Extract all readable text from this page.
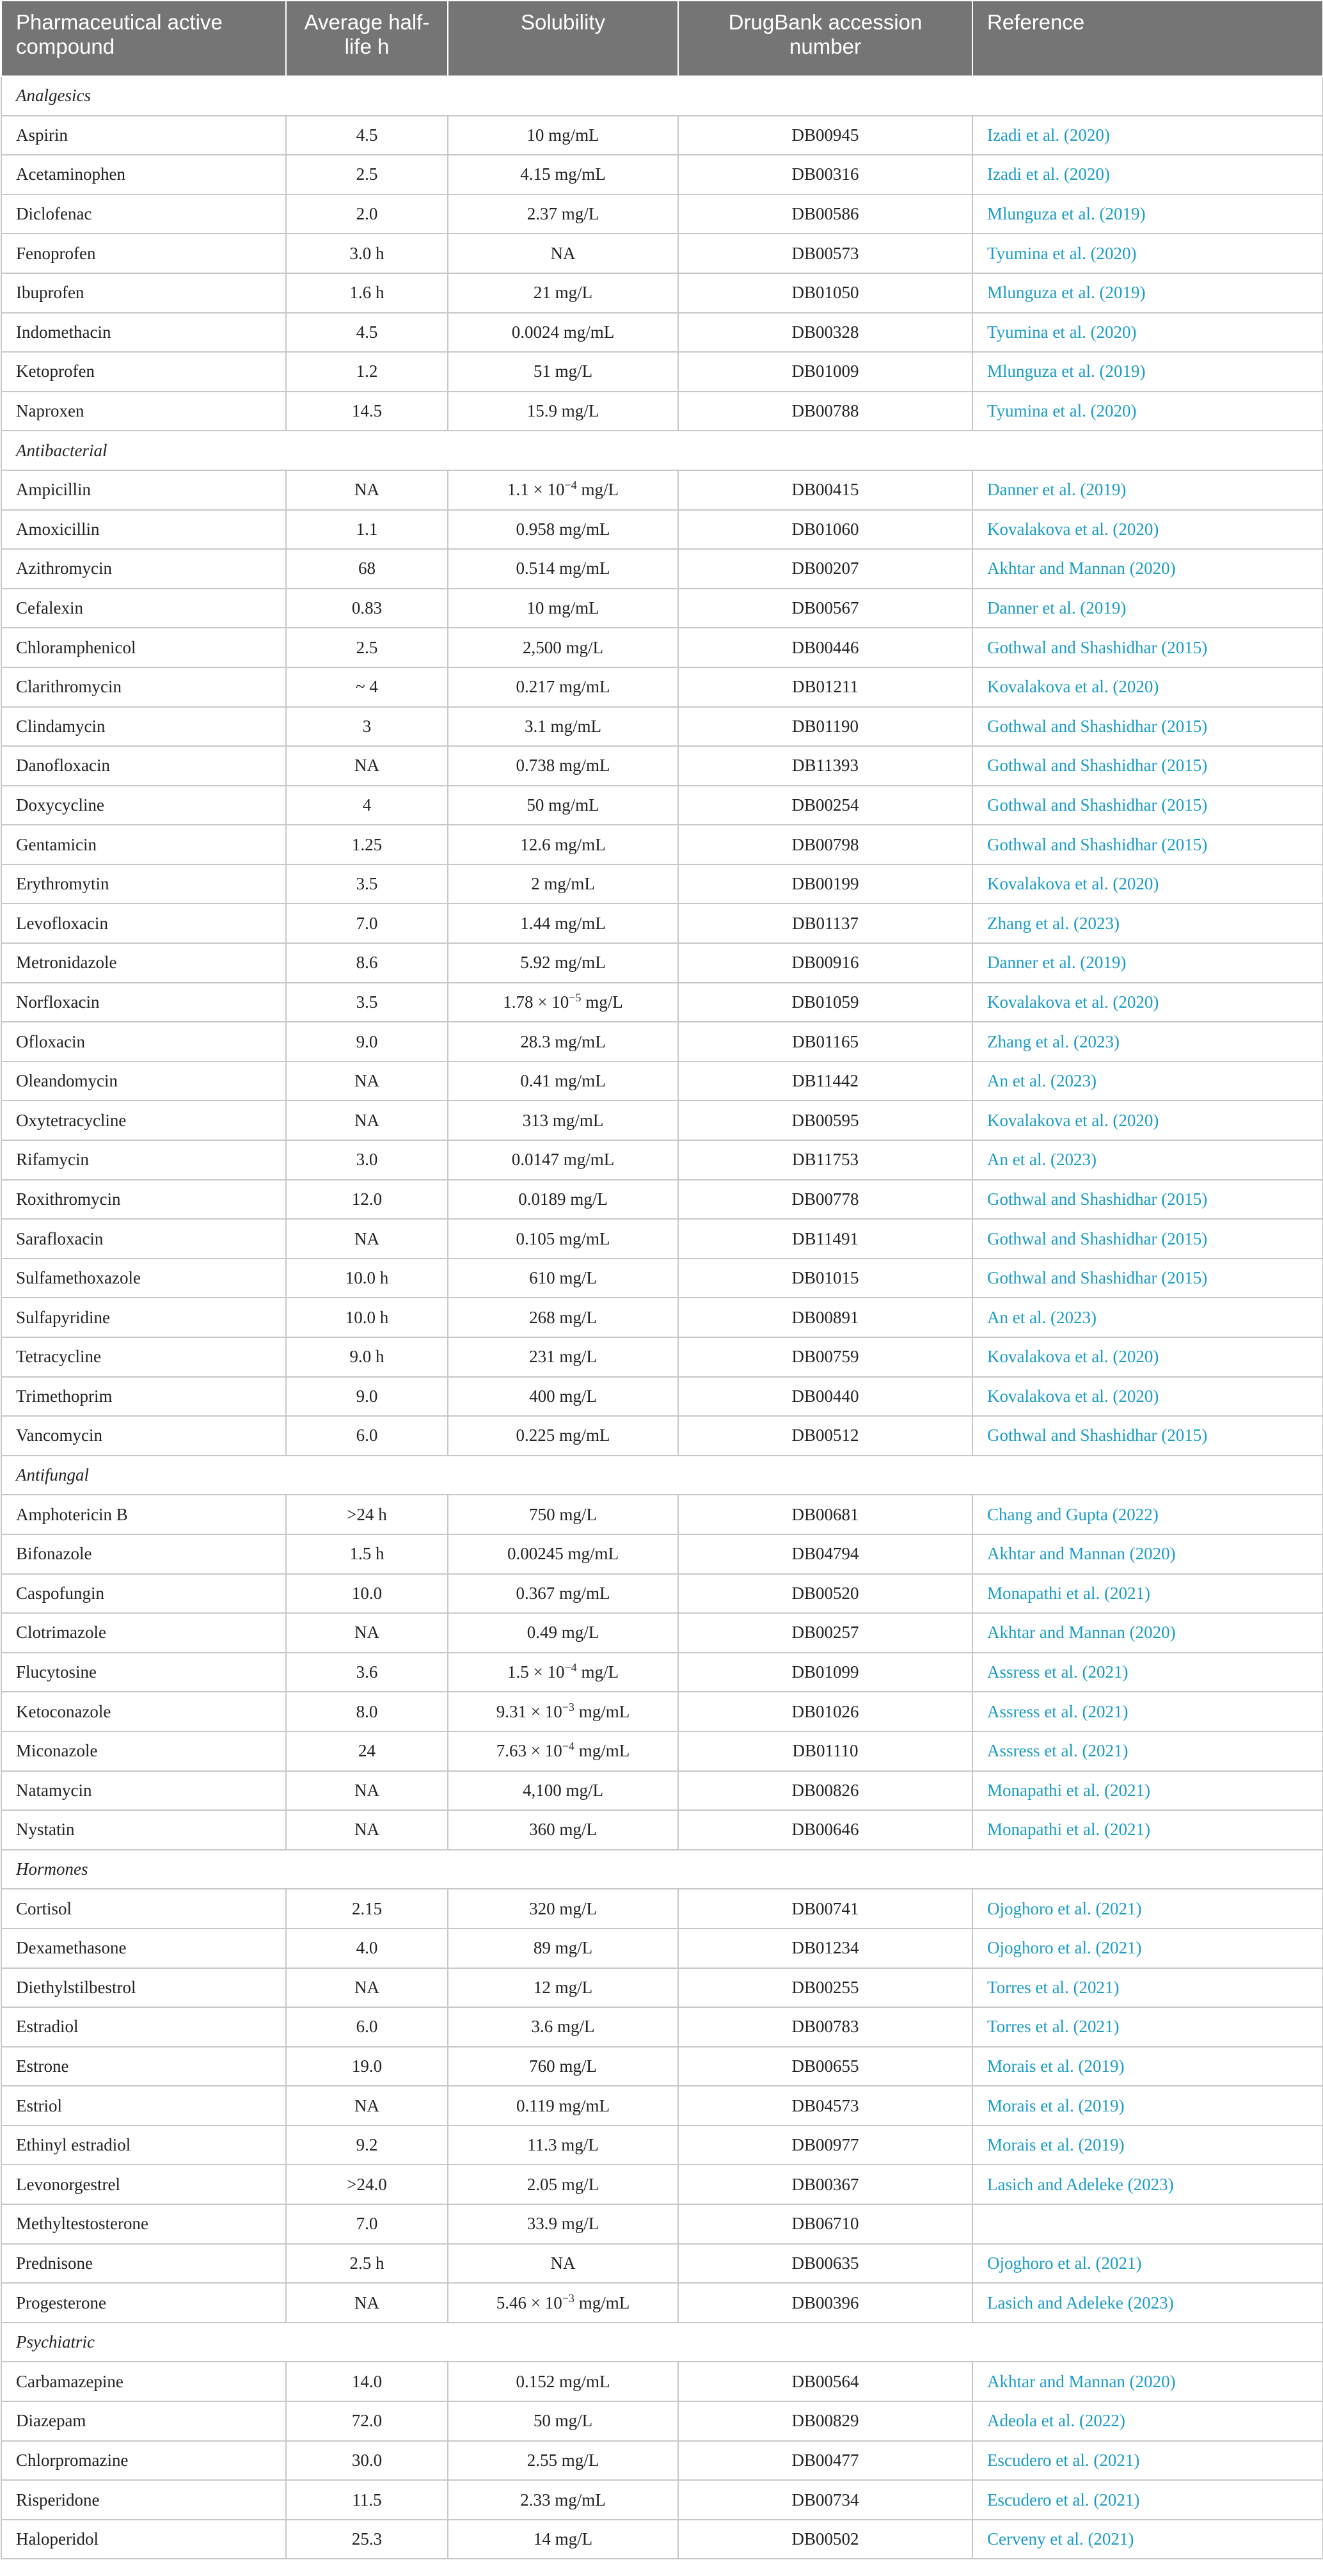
Pharmaceutical active compound	Average half-life h	Solubility	DrugBank accession number	Reference
Analgesics				
Aspirin	4.5	10 mg/mL	DB00945	Izadi et al. (2020)
Acetaminophen	2.5	4.15 mg/mL	DB00316	Izadi et al. (2020)
Diclofenac	2.0	2.37 mg/L	DB00586	Mlunguza et al. (2019)
Fenoprofen	3.0 h	NA	DB00573	Tyumina et al. (2020)
Ibuprofen	1.6 h	21 mg/L	DB01050	Mlunguza et al. (2019)
Indomethacin	4.5	0.0024 mg/mL	DB00328	Tyumina et al. (2020)
Ketoprofen	1.2	51 mg/L	DB01009	Mlunguza et al. (2019)
Naproxen	14.5	15.9 mg/L	DB00788	Tyumina et al. (2020)
Antibacterial				
Ampicillin	NA	$1.1 \times 10^{-4}$ mg/L	DB00415	Danner et al. (2019)
Amoxicillin	1.1	0.958 mg/mL	DB01060	Kovalakova et al. (2020)
Azithromycin	68	0.514 mg/mL	DB00207	Akhtar and Mannan (2020)
Cefalexin	0.83	10 mg/mL	DB00567	Danner et al. (2019)
Chloramphenicol	2.5	2,500 mg/L	DB00446	Gothwal and Shashidhar (2015)
Clarithromycin	~ 4	0.217 mg/mL	DB01211	Kovalakova et al. (2020)
Clindamycin	3	3.1 mg/mL	DB01190	Gothwal and Shashidhar (2015)
Danofloxacin	NA	0.738 mg/mL	DB11393	Gothwal and Shashidhar (2015)
Doxycycline	4	50 mg/mL	DB00254	Gothwal and Shashidhar (2015)
Gentamicin	1.25	12.6 mg/mL	DB00798	Gothwal and Shashidhar (2015)
Erythromytin	3.5	2 mg/mL	DB00199	Kovalakova et al. (2020)
Levofloxacin	7.0	1.44 mg/mL	DB01137	Zhang et al. (2023)
Metronidazole	8.6	5.92 mg/mL	DB00916	Danner et al. (2019)
Norfloxacin	3.5	$1.78 \times 10^{-5}$ mg/L	DB01059	Kovalakova et al. (2020)
Ofloxacin	9.0	28.3 mg/mL	DB01165	Zhang et al. (2023)
Oleandomycin	NA	0.41 mg/mL	DB11442	An et al. (2023)
Oxytetracycline	NA	313 mg/mL	DB00595	Kovalakova et al. (2020)
Rifamycin	3.0	0.0147 mg/mL	DB11753	An et al. (2023)
Roxithromycin	12.0	0.0189 mg/L	DB00778	Gothwal and Shashidhar (2015)
Sarafloxacin	NA	0.105 mg/mL	DB11491	Gothwal and Shashidhar (2015)
Sulfamethoxazole	10.0 h	610 mg/L	DB01015	Gothwal and Shashidhar (2015)
Sulfapyridine	10.0 h	268 mg/L	DB00891	An et al. (2023)
Tetracycline	9.0 h	231 mg/L	DB00759	Kovalakova et al. (2020)
Trimethoprim	9.0	400 mg/L	DB00440	Kovalakova et al. (2020)
Vancomycin	6.0	0.225 mg/mL	DB00512	Gothwal and Shashidhar (2015)
Antifungal				
Amphotericin B	>24 h	750 mg/L	DB00681	Chang and Gupta (2022)
Bifonazole	1.5 h	0.00245 mg/mL	DB04794	Akhtar and Mannan (2020)
Caspofungin	10.0	0.367 mg/mL	DB00520	Monapathi et al. (2021)
Clotrimazole	NA	0.49 mg/L	DB00257	Akhtar and Mannan (2020)
Flucytosine	3.6	$1.5 \times 10^{-4}$ mg/L	DB01099	Assress et al. (2021)
Ketoconazole	8.0	$9.31 \times 10^{-3}$ mg/mL	DB01026	Assress et al. (2021)
Miconazole	24	$7.63 \times 10^{-4}$ mg/mL	DB01110	Assress et al. (2021)
Natamycin	NA	4,100 mg/L	DB00826	Monapathi et al. (2021)
Nystatin	NA	360 mg/L	DB00646	Monapathi et al. (2021)
Hormones				
Cortisol	2.15	320 mg/L	DB00741	Ojoghoro et al. (2021)
Dexamethasone	4.0	89 mg/L	DB01234	Ojoghoro et al. (2021)
Diethylstilbestrol	NA	12 mg/L	DB00255	Torres et al. (2021)
Estradiol	6.0	3.6 mg/L	DB00783	Torres et al. (2021)
Estrone	19.0	760 mg/L	DB00655	Morais et al. (2019)
Estriol	NA	0.119 mg/mL	DB04573	Morais et al. (2019)
Ethinyl estradiol	9.2	11.3 mg/L	DB00977	Morais et al. (2019)
Levonorgestrel	>24.0	2.05 mg/L	DB00367	Lasich and Adeleke (2023)
Methyltestosterone	7.0	33.9 mg/L	DB06710	
Prednisone	2.5 h	NA	DB00635	Ojoghoro et al. (2021)
Progesterone	NA	$5.46 \times 10^{-3}$ mg/mL	DB00396	Lasich and Adeleke (2023)
Psychiatric				
Carbamazepine	14.0	0.152 mg/mL	DB00564	Akhtar and Mannan (2020)
Diazepam	72.0	50 mg/L	DB00829	Adeola et al. (2022)
Chlorpromazine	30.0	2.55 mg/L	DB00477	Escudero et al. (2021)
Risperidone	11.5	2.33 mg/mL	DB00734	Escudero et al. (2021)
Haloperidol	25.3	14 mg/L	DB00502	Cerveny et al. (2021)
